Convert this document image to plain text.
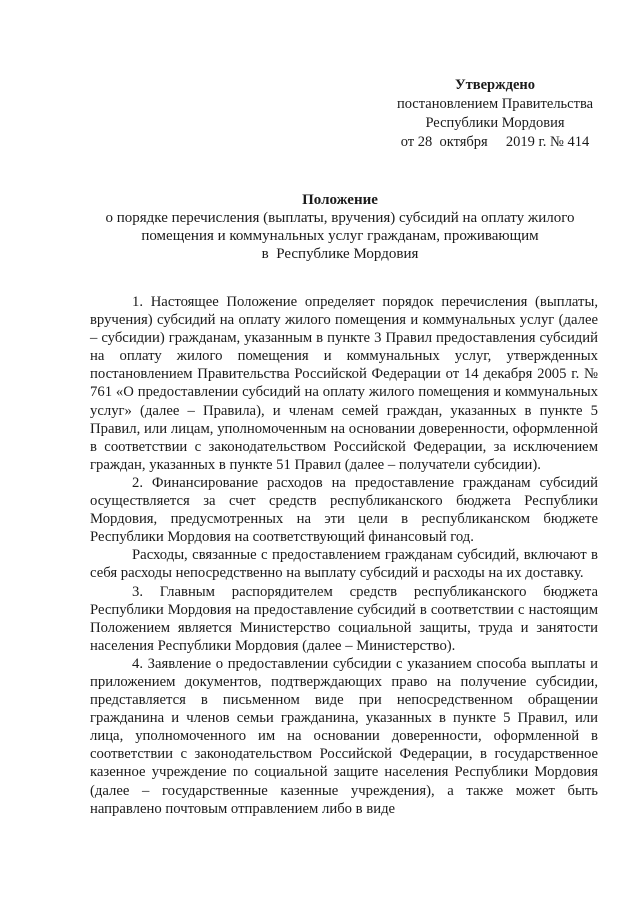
Утверждено
постановлением Правительства
Республики Мордовия
от 28  октября     2019 г. № 414
Положение
о порядке перечисления (выплаты, вручения) субсидий на оплату жилого
помещения и коммунальных услуг гражданам, проживающим
в  Республике Мордовия

1. Настоящее Положение определяет порядок перечисления (выплаты, вручения) субсидий на оплату жилого помещения и коммунальных услуг (далее – субсидии) гражданам, указанным в пункте 3 Правил предоставления субсидий на оплату жилого помещения и коммунальных услуг, утвержденных постановлением Правительства Российской Федерации от 14 декабря 2005 г. № 761 «О предоставлении субсидий на оплату жилого помещения и коммунальных услуг» (далее – Правила), и членам семей граждан, указанных в пункте 5 Правил, или лицам, уполномоченным на основании доверенности, оформленной в соответствии с законодательством Российской Федерации, за исключением граждан, указанных в пункте 51 Правил (далее – получатели субсидии).

2. Финансирование расходов на предоставление гражданам субсидий осуществляется за счет средств республиканского бюджета Республики Мордовия, предусмотренных на эти цели в республиканском бюджете Республики Мордовия на соответствующий финансовый год.

Расходы, связанные с предоставлением гражданам субсидий, включают в себя расходы непосредственно на выплату субсидий и расходы на их доставку.

3. Главным распорядителем средств республиканского бюджета Республики Мордовия на предоставление субсидий в соответствии с настоящим Положением является Министерство социальной защиты, труда и занятости населения Республики Мордовия (далее – Министерство).

4. Заявление о предоставлении субсидии с указанием способа выплаты и приложением документов, подтверждающих право на получение субсидии, представляется в письменном виде при непосредственном обращении гражданина и членов семьи гражданина, указанных в пункте 5 Правил, или лица, уполномоченного им на основании доверенности, оформленной в соответствии с законодательством Российской Федерации, в государственное казенное учреждение по социальной защите населения Республики Мордовия (далее – государственные казенные учреждения), а также может быть направлено почтовым отправлением либо в виде
